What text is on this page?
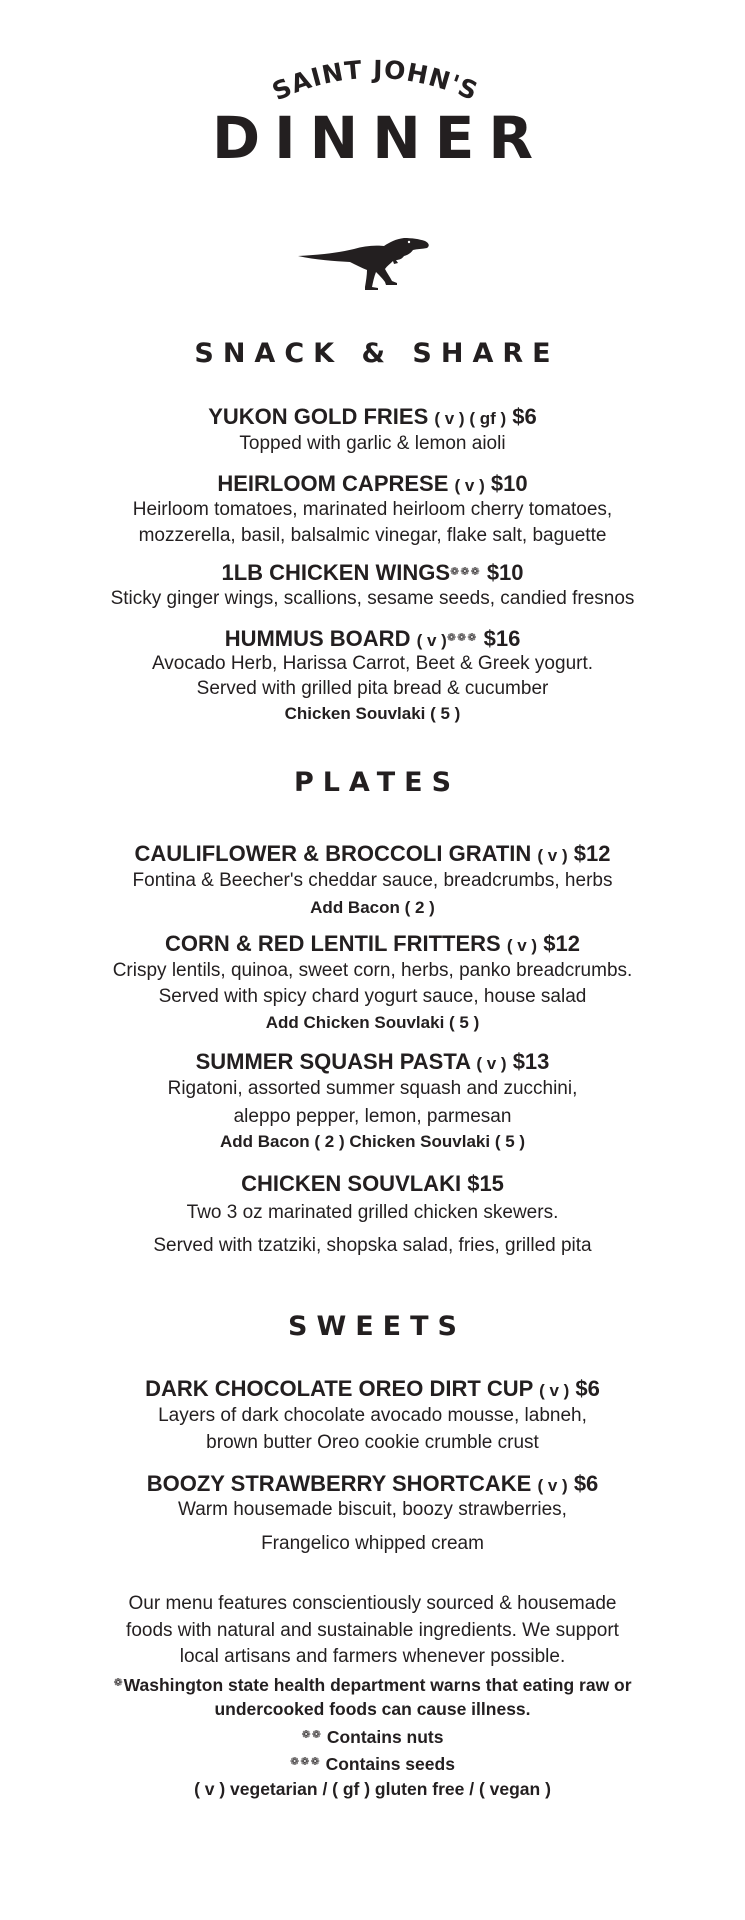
SAINT JOHN'S
DINNER
SNACK & SHARE
YUKON GOLD FRIES ( v ) ( gf ) $6
Topped with garlic & lemon aioli
HEIRLOOM CAPRESE ( v ) $10
Heirloom tomatoes, marinated heirloom cherry tomatoes,
mozzerella, basil, balsalmic vinegar, flake salt, baguette
1LB CHICKEN WINGS❁❁❁ $10
Sticky ginger wings, scallions, sesame seeds, candied fresnos
HUMMUS BOARD ( v )❁❁❁ $16
Avocado Herb, Harissa Carrot, Beet & Greek yogurt.
Served with grilled pita bread & cucumber
Chicken Souvlaki ( 5 )
PLATES
CAULIFLOWER & BROCCOLI GRATIN ( v ) $12
Fontina & Beecher's cheddar sauce, breadcrumbs, herbs
Add Bacon ( 2 )
CORN & RED LENTIL FRITTERS ( v ) $12
Crispy lentils, quinoa, sweet corn, herbs, panko breadcrumbs.
Served with spicy chard yogurt sauce, house salad
Add Chicken Souvlaki ( 5 )
SUMMER SQUASH PASTA ( v ) $13
Rigatoni, assorted summer squash and zucchini,
aleppo pepper, lemon, parmesan
Add Bacon ( 2 ) Chicken Souvlaki ( 5 )
CHICKEN SOUVLAKI $15
Two 3 oz marinated grilled chicken skewers.
Served with tzatziki, shopska salad, fries, grilled pita
SWEETS
DARK CHOCOLATE OREO DIRT CUP ( v ) $6
Layers of dark chocolate avocado mousse, labneh,
brown butter Oreo cookie crumble crust
BOOZY STRAWBERRY SHORTCAKE ( v ) $6
Warm housemade biscuit, boozy strawberries,
Frangelico whipped cream
Our menu features conscientiously sourced & housemade
foods with natural and sustainable ingredients. We support
local artisans and farmers whenever possible.
❁Washington state health department warns that eating raw or
undercooked foods can cause illness.
❁❁ Contains nuts
❁❁❁ Contains seeds
( v ) vegetarian / ( gf ) gluten free / ( vegan )
